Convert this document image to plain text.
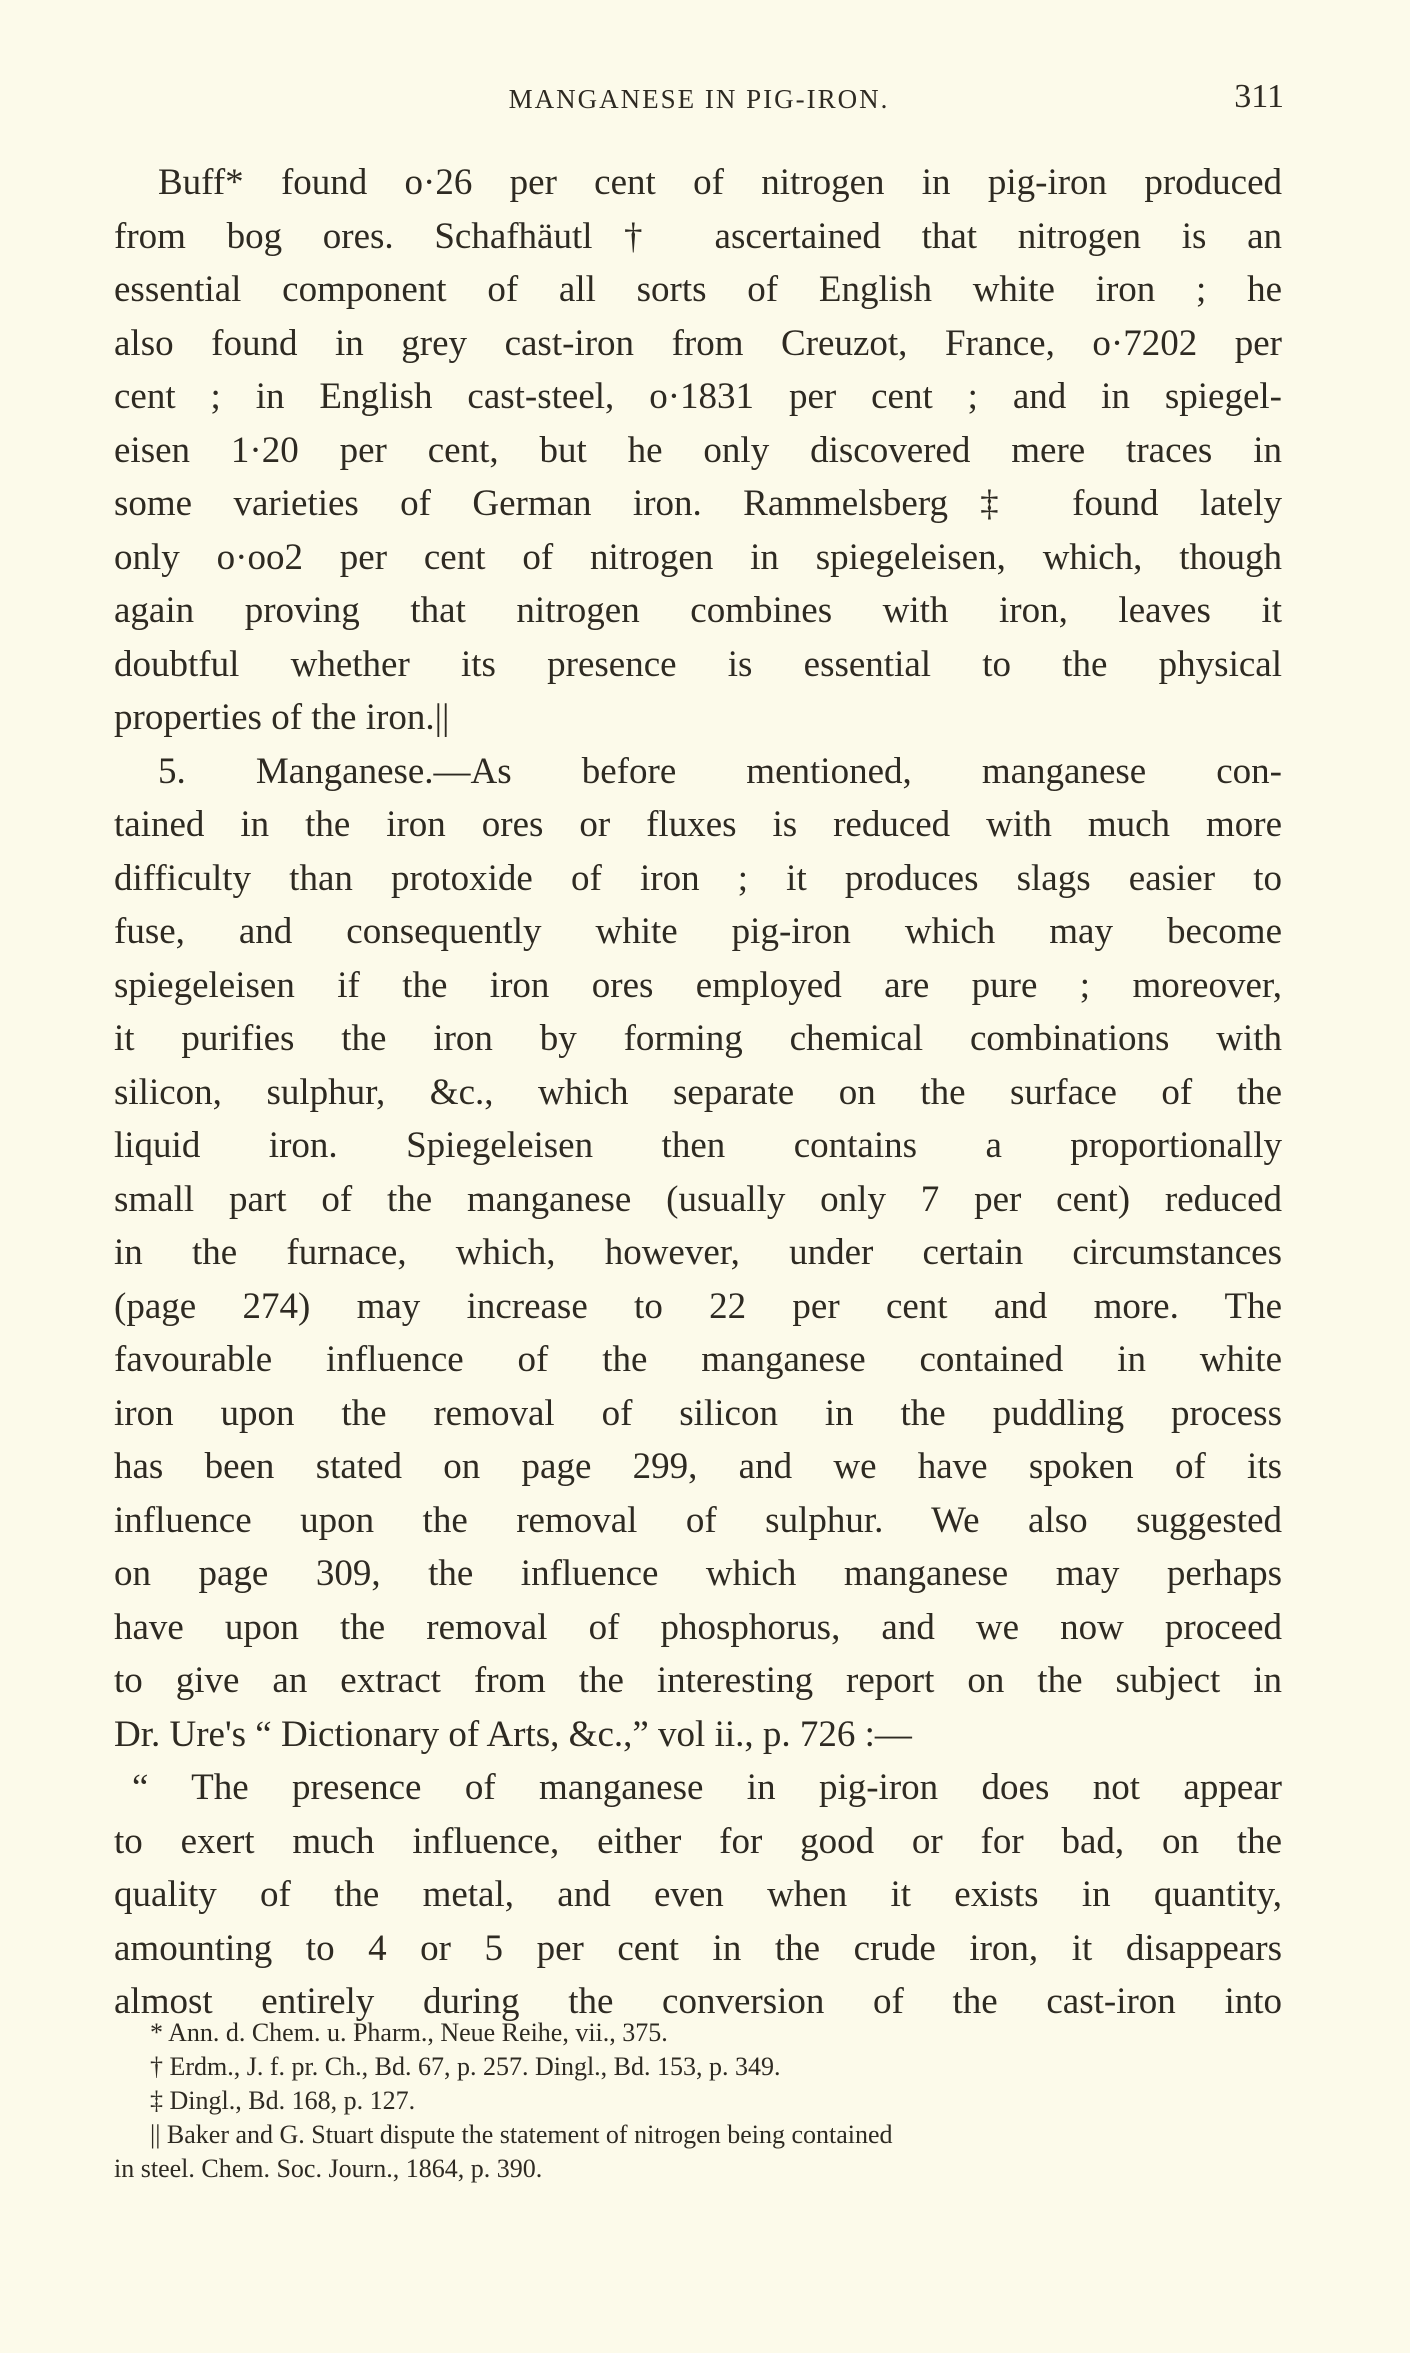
MANGANESE IN PIG-IRON.	311
Buff* found o·26 per cent of nitrogen in pig-iron produced
from bog ores. Schafhäutl† ascertained that nitrogen is an
essential component of all sorts of English white iron ; he
also found in grey cast-iron from Creuzot, France, o·7202 per
cent ; in English cast-steel, o·1831 per cent ; and in spiegel-
eisen 1·20 per cent, but he only discovered mere traces in
some varieties of German iron. Rammelsberg‡ found lately
only o·oo2 per cent of nitrogen in spiegeleisen, which, though
again proving that nitrogen combines with iron, leaves it
doubtful whether its presence is essential to the physical
properties of the iron.||
5. Manganese.—As before mentioned, manganese con-
tained in the iron ores or fluxes is reduced with much more
difficulty than protoxide of iron ; it produces slags easier to
fuse, and consequently white pig-iron which may become
spiegeleisen if the iron ores employed are pure ; moreover,
it purifies the iron by forming chemical combinations with
silicon, sulphur, &c., which separate on the surface of the
liquid iron. Spiegeleisen then contains a proportionally
small part of the manganese (usually only 7 per cent) reduced
in the furnace, which, however, under certain circumstances
(page 274) may increase to 22 per cent and more. The
favourable influence of the manganese contained in white
iron upon the removal of silicon in the puddling process
has been stated on page 299, and we have spoken of its
influence upon the removal of sulphur. We also suggested
on page 309, the influence which manganese may perhaps
have upon the removal of phosphorus, and we now proceed
to give an extract from the interesting report on the subject in
Dr. Ure's “ Dictionary of Arts, &c.,” vol ii., p. 726 :—
“ The presence of manganese in pig-iron does not appear
to exert much influence, either for good or for bad, on the
quality of the metal, and even when it exists in quantity,
amounting to 4 or 5 per cent in the crude iron, it disappears
almost entirely during the conversion of the cast-iron into
* Ann. d. Chem. u. Pharm., Neue Reihe, vii., 375.
† Erdm., J. f. pr. Ch., Bd. 67, p. 257. Dingl., Bd. 153, p. 349.
‡ Dingl., Bd. 168, p. 127.
|| Baker and G. Stuart dispute the statement of nitrogen being contained
in steel. Chem. Soc. Journ., 1864, p. 390.
